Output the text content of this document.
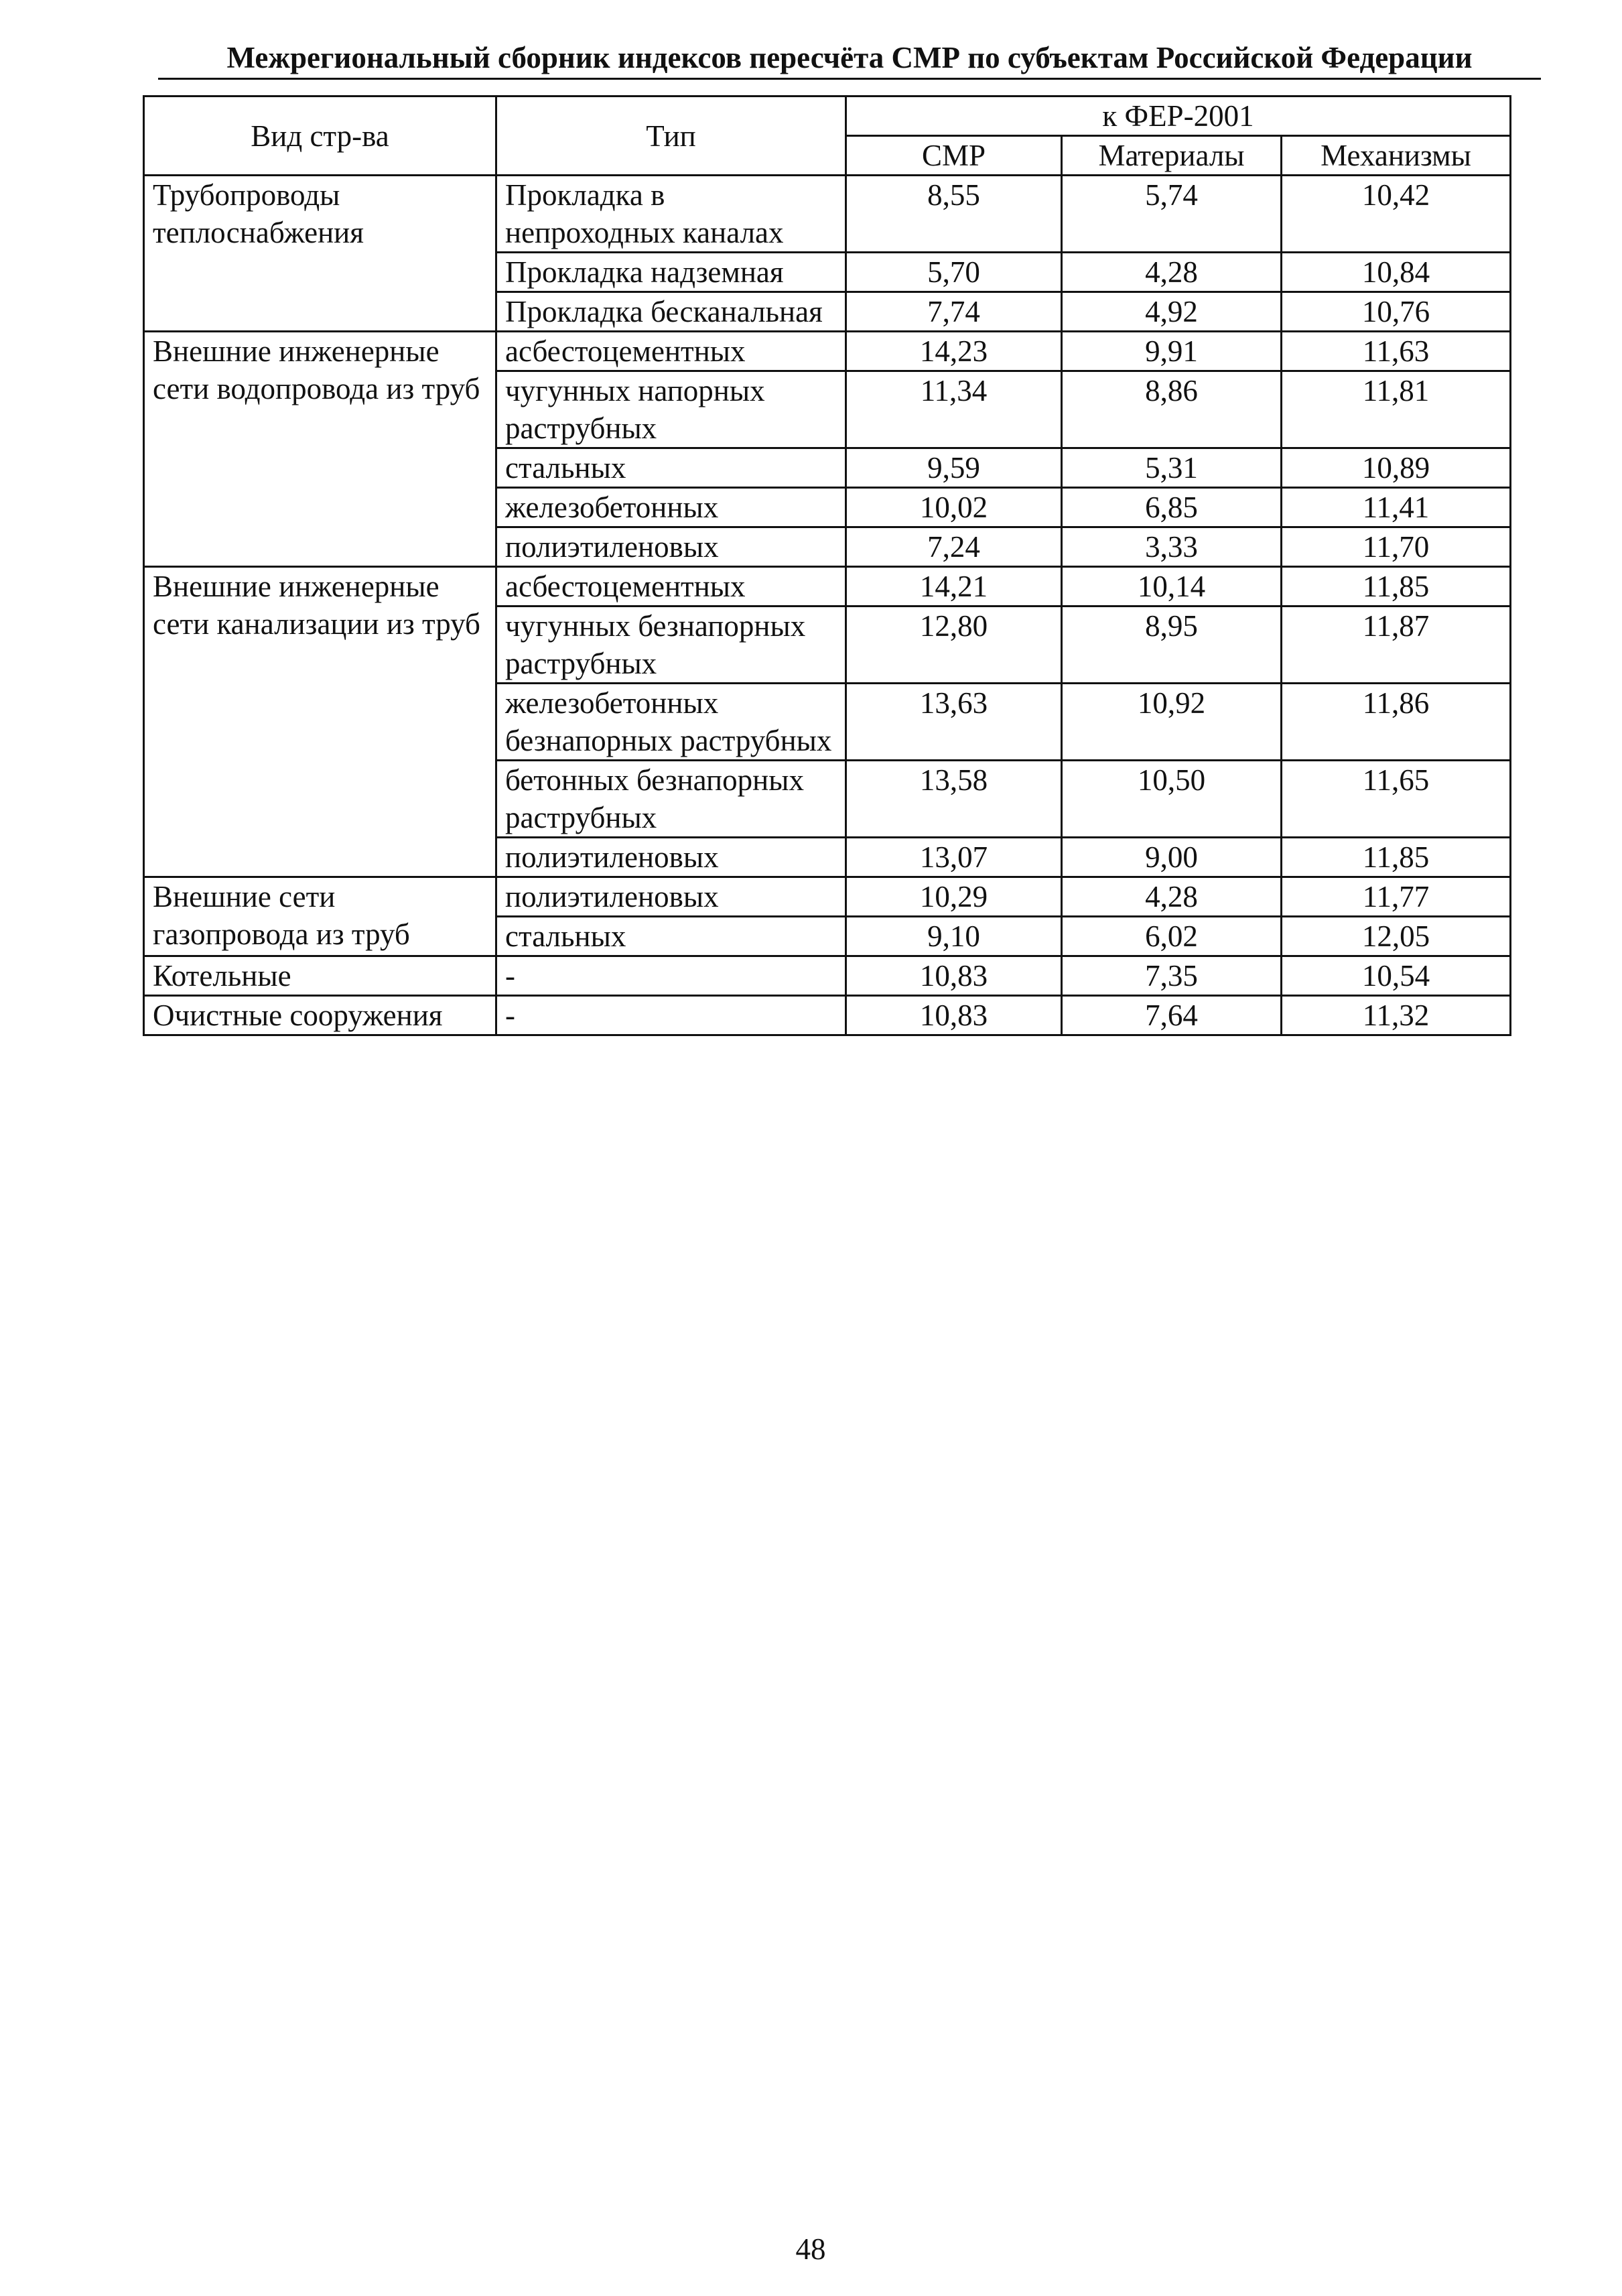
Межрегиональный сборник индексов пересчёта СМР по субъектам Российской Федерации
Вид стр-ва	Тип	к ФЕР-2001		
		СМР	Материалы	Механизмы
Трубопроводы теплоснабжения	Прокладка в непроходных каналах	8,55	5,74	10,42
	Прокладка надземная	5,70	4,28	10,84
	Прокладка бесканальная	7,74	4,92	10,76
Внешние инженерные сети водопровода из труб	асбестоцементных	14,23	9,91	11,63
	чугунных напорных раструбных	11,34	8,86	11,81
	стальных	9,59	5,31	10,89
	железобетонных	10,02	6,85	11,41
	полиэтиленовых	7,24	3,33	11,70
Внешние инженерные сети канализации из труб	асбестоцементных	14,21	10,14	11,85
	чугунных безнапорных раструбных	12,80	8,95	11,87
	железобетонных безнапорных раструбных	13,63	10,92	11,86
	бетонных безнапорных раструбных	13,58	10,50	11,65
	полиэтиленовых	13,07	9,00	11,85
Внешние сети газопровода из труб	полиэтиленовых	10,29	4,28	11,77
	стальных	9,10	6,02	12,05
Котельные	-	10,83	7,35	10,54
Очистные сооружения	-	10,83	7,64	11,32
48
